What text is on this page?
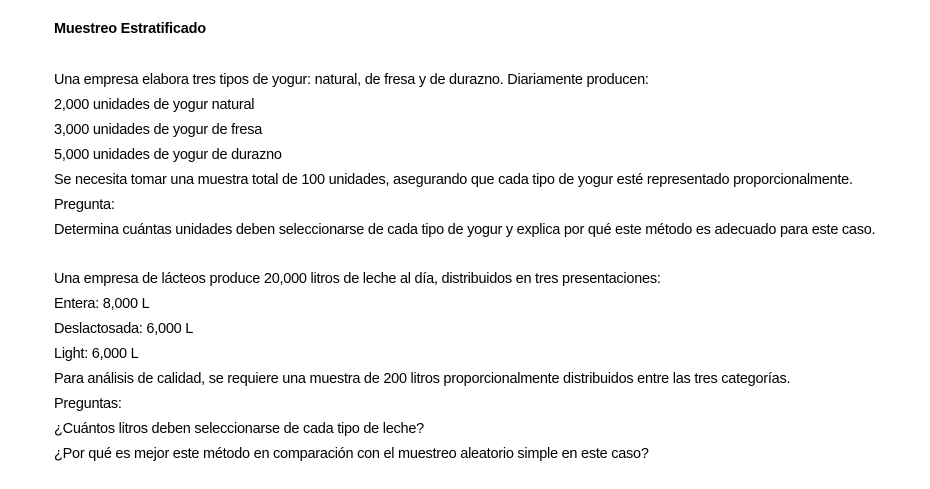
Muestreo Estratificado
Una empresa elabora tres tipos de yogur: natural, de fresa y de durazno. Diariamente producen:
2,000 unidades de yogur natural
3,000 unidades de yogur de fresa
5,000 unidades de yogur de durazno
Se necesita tomar una muestra total de 100 unidades, asegurando que cada tipo de yogur esté representado proporcionalmente.
Pregunta:
Determina cuántas unidades deben seleccionarse de cada tipo de yogur y explica por qué este método es adecuado para este caso.
Una empresa de lácteos produce 20,000 litros de leche al día, distribuidos en tres presentaciones:
Entera: 8,000 L
Deslactosada: 6,000 L
Light: 6,000 L
Para análisis de calidad, se requiere una muestra de 200 litros proporcionalmente distribuidos entre las tres categorías.
Preguntas:
¿Cuántos litros deben seleccionarse de cada tipo de leche?
¿Por qué es mejor este método en comparación con el muestreo aleatorio simple en este caso?
